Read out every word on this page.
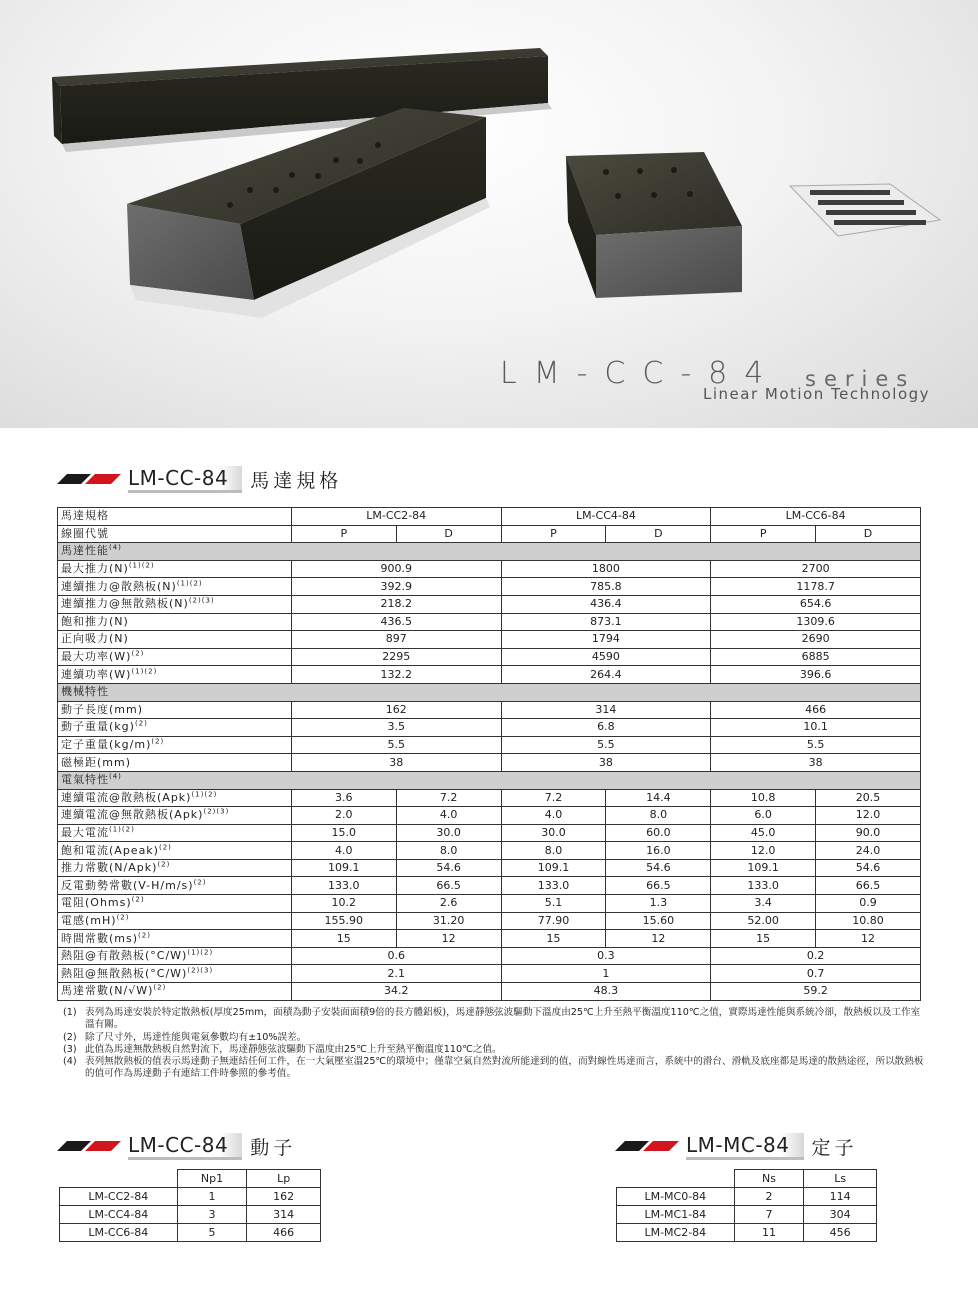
LM-CC-84 series
Linear Motion Technology
LM-CC-84	馬達規格
馬達規格	LM-CC2-84		LM-CC4-84		LM-CC6-84	
線圈代號	P	D	P	D	P	D
馬達性能$^{(4)}$
最大推力$(N)^{(1)(2)}$	900.9		1800		2700	
連續推力@散熱板$(N)^{(1)(2)}$	392.9		785.8		1178.7	
連續推力@無散熱板$(N)^{(2)(3)}$	218.2		436.4		654.6	
飽和推力(N)	436.5		873.1		1309.6	
正向吸力(N)	897		1794		2690	
最大功率$(W)^{(2)}$	2295		4590		6885	
連續功率$(W)^{(1)(2)}$	132.2		264.4		396.6	
機械特性						
動子長度(mm)	162		314		466	
動子重量(kg)$^{(2)}$	3.5		6.8		10.1	
定子重量$(kg/m)^{(2)}$	5.5		5.5		5.5	
磁極距(mm)	38		38		38	
電氣特性$^{(4)}$
連續電流@散熱板(Apk)$^{(1)(2)}$	3.6	7.2	7.2	14.4	10.8	20.5
連續電流@無散熱板(Apk)$^{(2)(3)}$	2.0	4.0	4.0	8.0	6.0	12.0
最大電流$^{(1)(2)}$	15.0	30.0	30.0	60.0	45.0	90.0
飽和電流(Apeak)$^{(2)}$	4.0	8.0	8.0	16.0	12.0	24.0
推力常數$(N/Apk)^{(2)}$	109.1	54.6	109.1	54.6	109.1	54.6
反電動勢常數$(V-H/m/s)^{(2)}$	133.0	66.5	133.0	66.5	133.0	66.5
電阻(Ohms)$^{(2)}$	10.2	2.6	5.1	1.3	3.4	0.9
電感(mH)$^{(2)}$	155.90	31.20	77.90	15.60	52.00	10.80
時間常數(ms)$^{(2)}$	15	12	15	12	15	12
熱阻@有散熱板$(^\circ C/W)^{(1)(2)}$	0.6		0.3		0.2	
熱阻@無散熱板$(^\circ C/W)^{(2)(3)}$	2.1		1		0.7	
馬達常數$(N/√W)^{(2)}$	34.2		48.3		59.2	
(1) 表列為馬達安裝於特定散熱板(厚度25mm，面積為動子安裝面面積9倍的長方體鋁板)，馬達靜態弦波驅動下溫度由25℃上升至熱平衡溫度110℃之值，實際馬達性能與系統冷卻，散熱板以及工作室溫有關。
(2) 除了尺寸外，馬達性能與電氣參數均有±10%誤差。
(3) 此值為馬達無散熱板自然對流下，馬達靜態弦波驅動下溫度由25℃上升至熱平衡溫度110℃之值。
(4) 表列無散熱板的值表示馬達動子無連結任何工件，在一大氣壓室溫25℃的環境中；僅靠空氣自然對流所能達到的值，而對線性馬達而言，系統中的滑台、滑軌及底座都是馬達的散熱途徑，所以散熱板的值可作為馬達動子有連結工件時參照的參考值。
LM-CC-84	動子
	Np1	Lp
LM-CC2-84	1	162
LM-CC4-84	3	314
LM-CC6-84	5	466
LM-MC-84	定子
	Ns	Ls
LM-MC0-84	2	114
LM-MC1-84	7	304
LM-MC2-84	11	456
